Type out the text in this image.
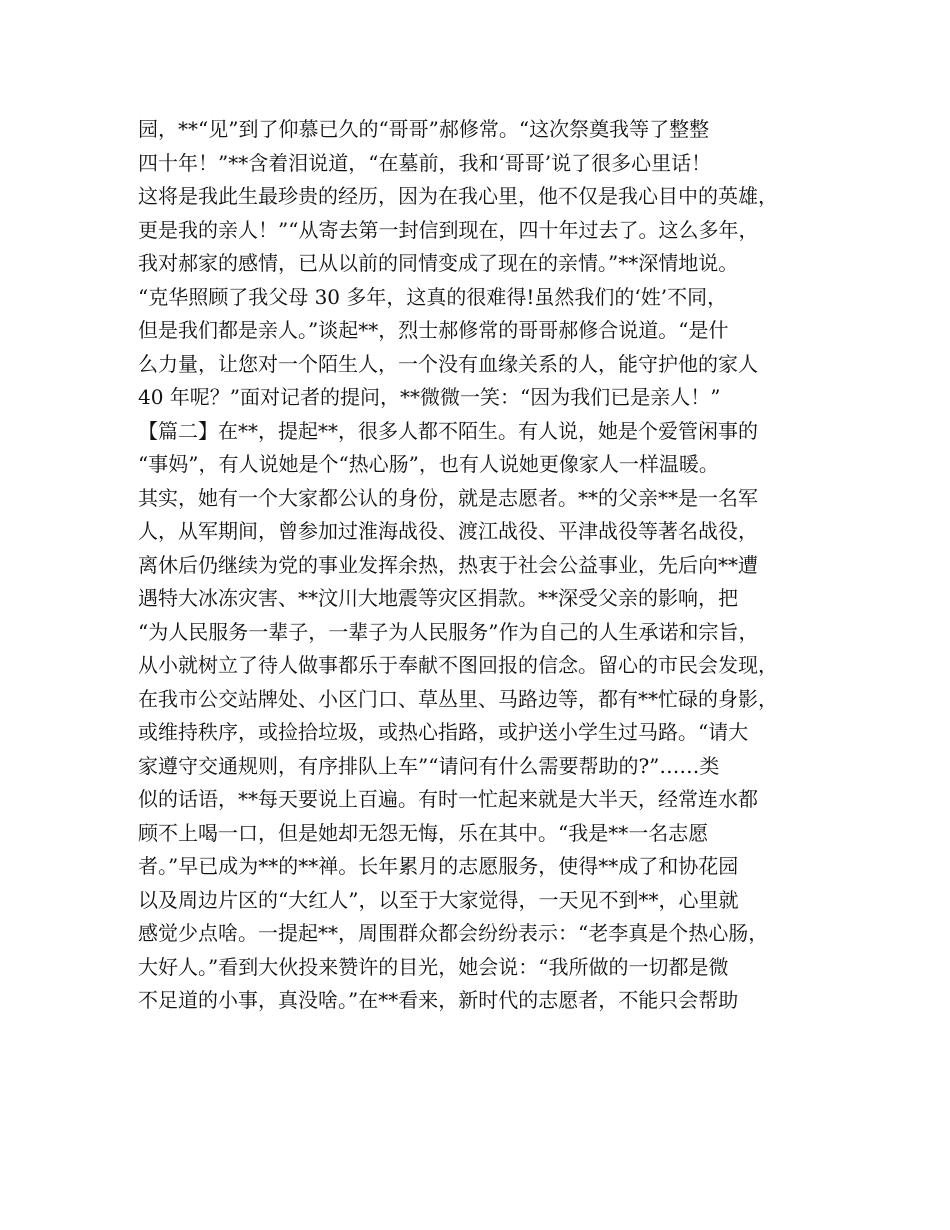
园，**“见”到了仰慕已久的“哥哥”郝修常。“这次祭奠我等了整整
四十年！”**含着泪说道，“在墓前，我和‘哥哥’说了很多心里话！
这将是我此生最珍贵的经历，因为在我心里，他不仅是我心目中的英雄，
更是我的亲人！”“从寄去第一封信到现在，四十年过去了。这么多年，
我对郝家的感情，已从以前的同情变成了现在的亲情。”**深情地说。
“克华照顾了我父母 30 多年，这真的很难得!虽然我们的‘姓’不同，
但是我们都是亲人。”谈起**，烈士郝修常的哥哥郝修合说道。“是什
么力量，让您对一个陌生人，一个没有血缘关系的人，能守护他的家人
40 年呢？”面对记者的提问，**微微一笑：“因为我们已是亲人！”
【篇二】在**，提起**，很多人都不陌生。有人说，她是个爱管闲事的
“事妈”，有人说她是个“热心肠”，也有人说她更像家人一样温暖。
其实，她有一个大家都公认的身份，就是志愿者。**的父亲**是一名军
人，从军期间，曾参加过淮海战役、渡江战役、平津战役等著名战役，
离休后仍继续为党的事业发挥余热，热衷于社会公益事业，先后向**遭
遇特大冰冻灾害、**汶川大地震等灾区捐款。**深受父亲的影响，把
“为人民服务一辈子，一辈子为人民服务”作为自己的人生承诺和宗旨，
从小就树立了待人做事都乐于奉献不图回报的信念。留心的市民会发现，
在我市公交站牌处、小区门口、草丛里、马路边等，都有**忙碌的身影，
或维持秩序，或捡拾垃圾，或热心指路，或护送小学生过马路。“请大
家遵守交通规则，有序排队上车”“请问有什么需要帮助的?”……类
似的话语，**每天要说上百遍。有时一忙起来就是大半天，经常连水都
顾不上喝一口，但是她却无怨无悔，乐在其中。“我是**一名志愿
者。”早已成为**的**禅。长年累月的志愿服务，使得**成了和协花园
以及周边片区的“大红人”，以至于大家觉得，一天见不到**，心里就
感觉少点啥。一提起**，周围群众都会纷纷表示：“老李真是个热心肠，
大好人。”看到大伙投来赞许的目光，她会说：“我所做的一切都是微
不足道的小事，真没啥。”在**看来，新时代的志愿者，不能只会帮助
